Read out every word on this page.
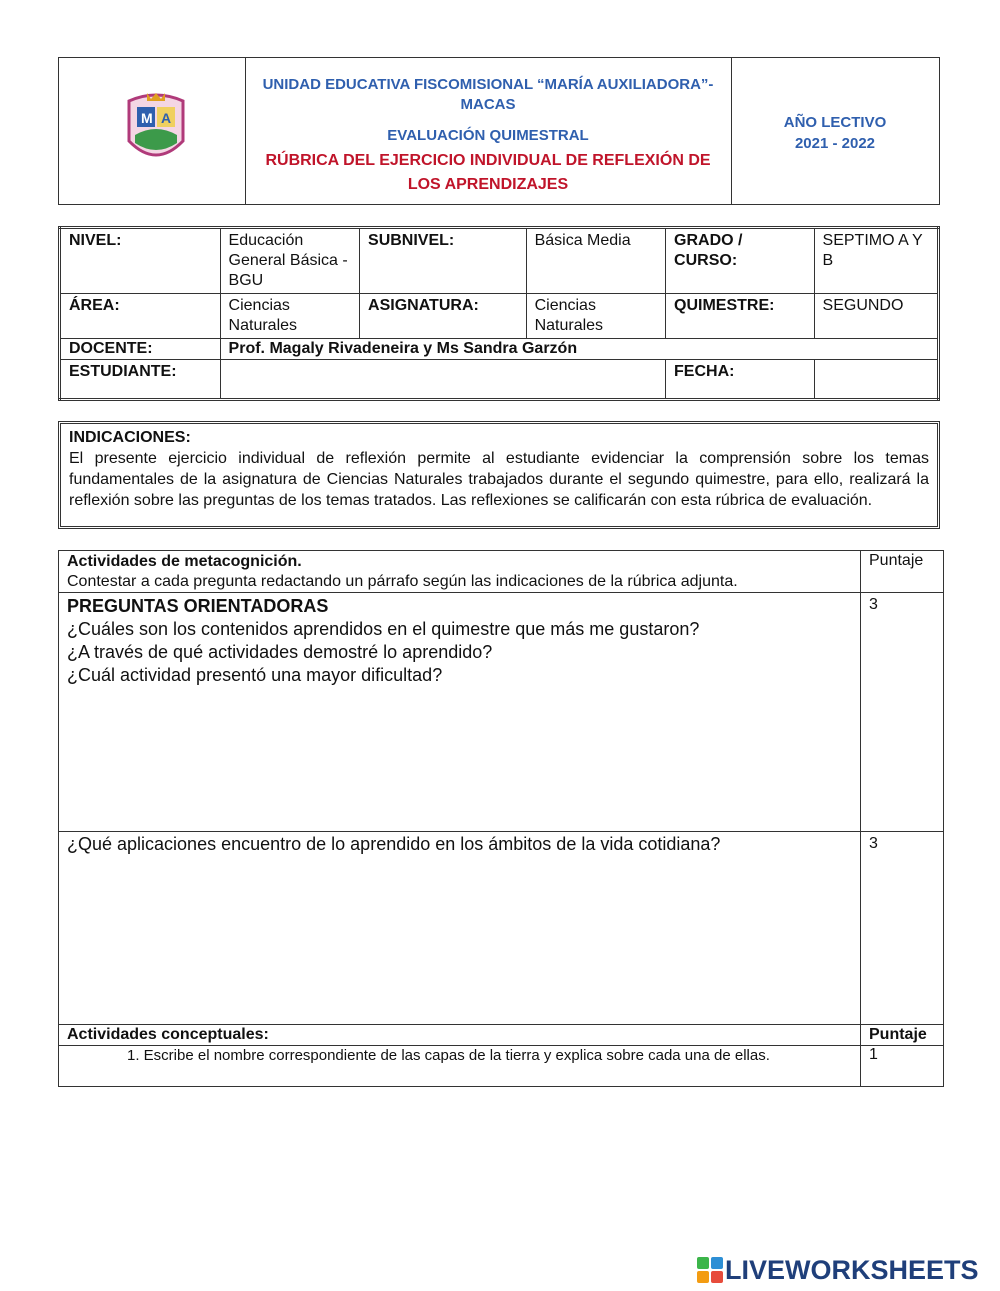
M A
UNIDAD EDUCATIVA FISCOMISIONAL “MARÍA AUXILIADORA”-
MACAS
EVALUACIÓN QUIMESTRAL
RÚBRICA DEL EJERCICIO INDIVIDUAL DE REFLEXIÓN DE
LOS APRENDIZAJES
AÑO LECTIVO
2021 - 2022
NIVEL:	Educación General Básica - BGU	SUBNIVEL:	Básica Media	GRADO / CURSO:	SEPTIMO A Y B
ÁREA:	Ciencias Naturales	ASIGNATURA:	Ciencias Naturales	QUIMESTRE:	SEGUNDO
DOCENTE:	Prof. Magaly Rivadeneira y Ms Sandra Garzón				
ESTUDIANTE:				FECHA:	
INDICACIONES:
El presente ejercicio individual de reflexión permite al estudiante evidenciar la comprensión sobre los temas fundamentales de la asignatura de Ciencias Naturales trabajados durante el segundo quimestre, para ello, realizará la reflexión sobre las preguntas de los temas tratados. Las reflexiones se calificarán con esta rúbrica de evaluación.
Actividades de metacognición.
Contestar a cada pregunta redactando un párrafo según las indicaciones de la rúbrica adjunta.	Puntaje

PREGUNTAS ORIENTADORAS
¿Cuáles son los contenidos aprendidos en el quimestre que más me gustaron?
¿A través de qué actividades demostré lo aprendido?
¿Cuál actividad presentó una mayor dificultad?	3

¿Qué aplicaciones encuentro de lo aprendido en los ámbitos de la vida cotidiana?	3
Actividades conceptuales:	Puntaje
1. Escribe el nombre correspondiente de las capas de la tierra y explica sobre cada una de ellas.	1
LIVEWORKSHEETS
